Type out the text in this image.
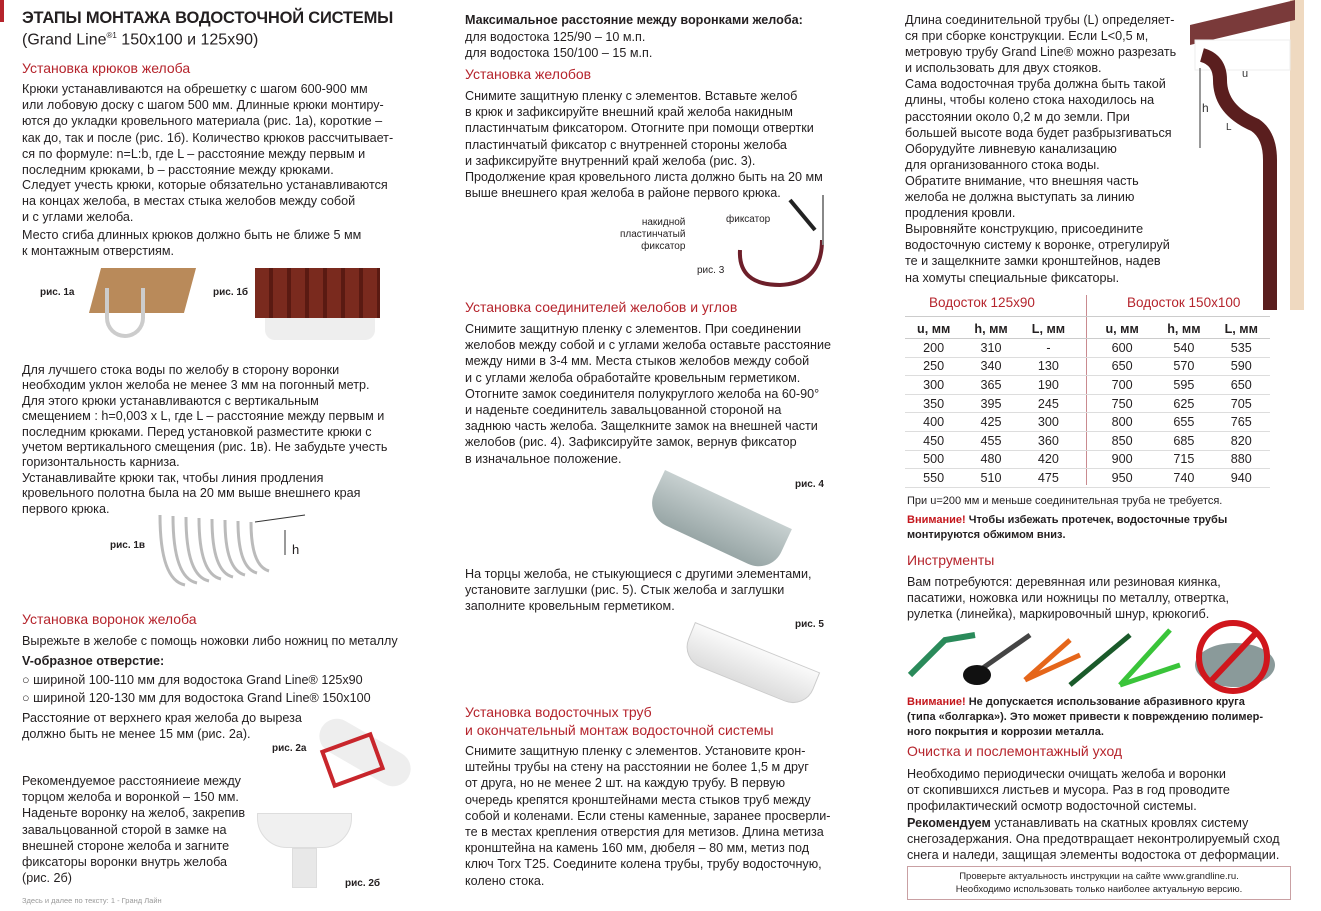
ЭТАПЫ МОНТАЖА ВОДОСТОЧНОЙ СИСТЕМЫ
(Grand Line$^{®1}$ 150x100 и 125x90)
Установка крюков желоба
Крюки устанавливаются на обрешетку с шагом 600-900 мм
или лобовую доску с шагом 500 мм. Длинные крюки монтиру-
ются до укладки кровельного материала (рис. 1а), короткие –
как до, так и после (рис. 1б). Количество крюков рассчитывает-
ся по формуле: n=L:b, где L – расстояние между первым и
последним крюками, b – расстояние между крюками.
Следует учесть крюки, которые обязательно устанавливаются
на концах желоба, в местах стыка желобов между собой
и с углами желоба.
Место сгиба длинных крюков должно быть не ближе 5 мм
к монтажным отверстиям.
рис. 1а	рис. 1б
Для лучшего стока воды по желобу в сторону воронки
необходим уклон желоба не менее 3 мм на погонный метр.
Для этого крюки устанавливаются с вертикальным
смещением : h=0,003 x L, где L – расстояние между первым и
последним крюками. Перед установкой разместите крюки с
учетом вертикального смещения (рис. 1в). Не забудьте учесть
горизонтальность карниза.
Устанавливайте крюки так, чтобы линия продления
кровельного полотна была на 20 мм выше внешнего края
первого крюка.
рис. 1в	h
Установка воронок желоба
Вырежьте в желобе с помощь ножовки либо ножниц по металлу
V-образное отверстие:
○ ширинoй 100-110 мм для водостока Grand Line® 125x90
○ ширинoй 120-130 мм для водостока Grand Line® 150x100
Расстояние от верхнего края желоба до выреза
должно быть не менее 15 мм (рис. 2а).
рис. 2а
Рекомендуемое расстояниеие между
торцом желоба и воронкой – 150 мм.
Наденьте воронку на желоб, закрепив
завальцованной сторой в замке на
внешней стороне желоба и загните
фиксаторы воронки внутрь желоба
(рис. 2б)	рис. 2б
Здесь и далее по тексту: 1 - Гранд Лайн
Максимальное расстояние между воронками желоба:
для водостока 125/90 – 10 м.п.
для водостока 150/100 – 15 м.п.
Установка желобов
Снимите защитную пленку с элементов. Вставьте желоб
в крюк и зафиксируйте внешний край желоба накидным
пластинчатым фиксатором. Отогните при помощи отвертки
пластинчатый фиксатор с внутренней стороны желоба
и зафиксируйте внутренний край желоба (рис. 3).
Продолжение края кровельного листа должно быть на 20 мм
выше внешнего края желоба в районе первого крюка.
накидной
пластинчатый
фиксатор
фиксатор
рис. 3
Установка соединителей желобов и углов
Снимите защитную пленку с элементов. При соединении
желобов между собой и с углами желоба оставьте расстояние
между ними в 3-4 мм. Места стыков желобов между собой
и с углами желоба обработайте кровельным герметиком.
Отогните замок соединителя полукруглого желоба на 60-90°
и наденьте соединитель завальцованной стороной на
заднюю часть желоба. Защелкните замок на внешней части
желобов (рис. 4). Зафиксируйте замок, вернув фиксатор
в изначальное положение.
рис. 4
На торцы желоба, не стыкующиеся с другими элементами,
установите заглушки (рис. 5). Стык желоба и заглушки
заполните кровельным герметиком.
рис. 5
Установка водосточных труб
и окончательный монтаж водосточной системы
Снимите защитную пленку с элементов. Установите крон-
штейны трубы на стену на расстоянии не более 1,5 м друг
от друга, но не менее 2 шт. на каждую трубу. В первую
очередь крепятся кронштейнами места стыков труб между
собой и коленами. Если стены каменные, заранее просверли-
те в местах крепления отверстия для метизов. Длина метиза
кронштейна на камень 160 мм, дюбеля – 80 мм, метиз под
ключ Torx T25. Соедините колена трубы, трубу водосточную,
колено стока.
Длина соединительной трубы (L) определяет-
ся при сборке конструкции. Если L<0,5 м,
метровую трубу Grand Line® можно разрезать
и использовать для двух стояков.
Сама водосточная труба должна быть такой
длины, чтобы колено стока находилось на
расстоянии около 0,2 м до земли. При
большей высоте вода будет разбрызгиваться
Оборудуйте ливневую канализацию
для организованного стока воды.
Обратите внимание, что внешняя часть
желоба не должна выступать за линию
продления кровли.
Выровняйте конструкцию, присоедините
водосточную систему к воронке, отрегулируй
те и защелкните замки кронштейнов, надев
на хомуты специальные фиксаторы.
u
h
L
Водосток 125x90	Водосток 150x100
u, мм	h, мм	L, мм	u, мм	h, мм	L, мм
200	310	-	600	540	535
250	340	130	650	570	590
300	365	190	700	595	650
350	395	245	750	625	705
400	425	300	800	655	765
450	455	360	850	685	820
500	480	420	900	715	880
550	510	475	950	740	940
При u=200 мм и меньше соединительная труба не требуется.
Внимание! Чтобы избежать протечек, водосточные трубы
монтируются обжимом вниз.
Инструменты
Вам потребуются: деревянная или резиновая киянка,
пасатижи, ножовка или ножницы по металлу, отвертка,
рулетка (линейка), маркировочный шнур, крюкогиб.
Внимание! Не допускается использование абразивного круга
(типа «болгарка»). Это может привести к повреждению полимер-
ного покрытия и коррозии металла.
Очистка и послемонтажный уход
Необходимо периодически очищать желоба и воронки
от скопившихся листьев и мусора. Раз в год проводите
профилактический осмотр водосточной системы.
Рекомендуем устанавливать на скатных кровлях систему
снегозадержания. Она предотвращает неконтролируемый сход
снега и наледи, защищая элементы водостока от деформации.
Проверьте актуальность инструкции на сайте www.grandline.ru.
Необходимо использовать только наиболее актуальную версию.
